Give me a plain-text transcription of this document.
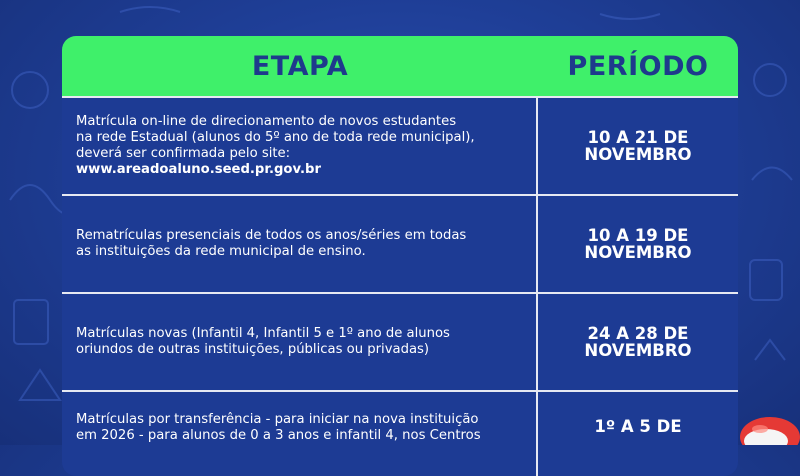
ETAPA	PERÍODO
Matrícula on-line de direcionamento de novos estudantes
na rede Estadual (alunos do 5º ano de toda rede municipal),
deverá ser confirmada pelo site:
www.areadoaluno.seed.pr.gov.br
10 A 21 DE
NOVEMBRO
Rematrículas presenciais de todos os anos/séries em todas
as instituições da rede municipal de ensino.
10 A 19 DE
NOVEMBRO
Matrículas novas (Infantil 4, Infantil 5 e 1º ano de alunos
oriundos de outras instituições, públicas ou privadas)
24 A 28 DE
NOVEMBRO
Matrículas por transferência - para iniciar na nova instituição
em 2026 - para alunos de 0 a 3 anos e infantil 4, nos Centros	1º A 5 DE
